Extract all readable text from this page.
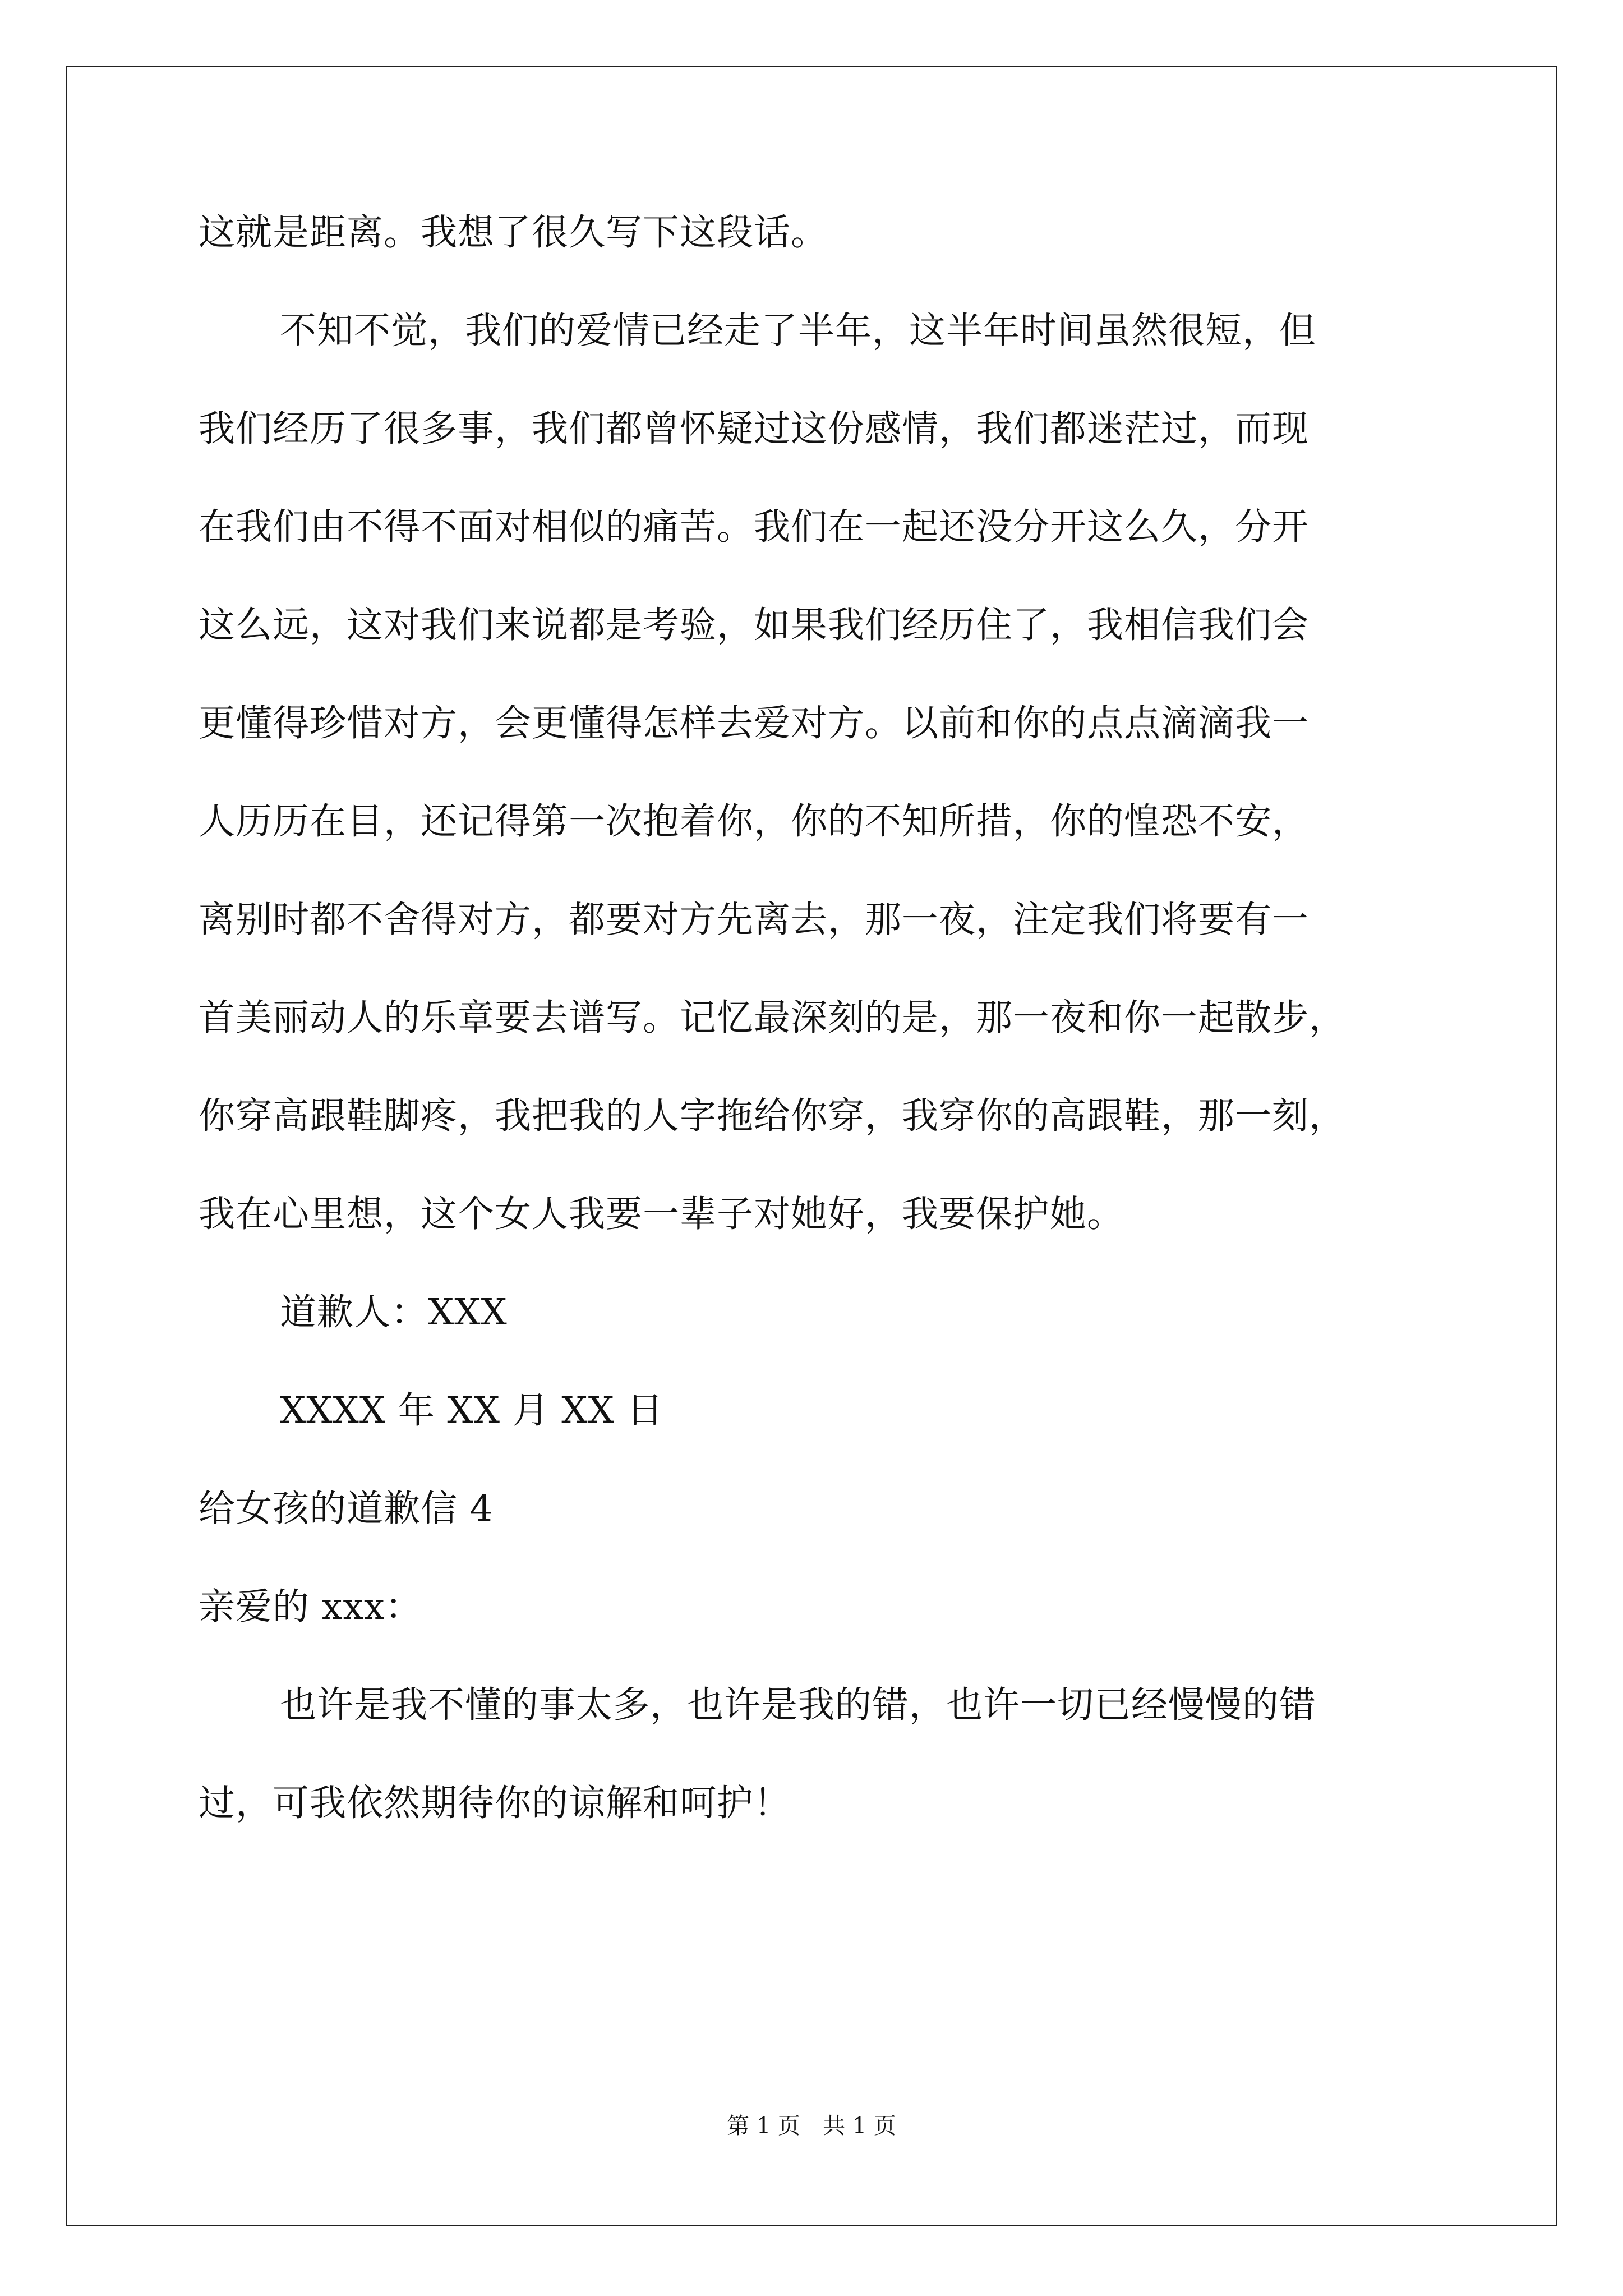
这就是距离。我想了很久写下这段话。
不知不觉，我们的爱情已经走了半年，这半年时间虽然很短，但
我们经历了很多事，我们都曾怀疑过这份感情，我们都迷茫过，而现
在我们由不得不面对相似的痛苦。我们在一起还没分开这么久，分开
这么远，这对我们来说都是考验，如果我们经历住了，我相信我们会
更懂得珍惜对方，会更懂得怎样去爱对方。以前和你的点点滴滴我一
人历历在目，还记得第一次抱着你，你的不知所措，你的惶恐不安，
离别时都不舍得对方，都要对方先离去，那一夜，注定我们将要有一
首美丽动人的乐章要去谱写。记忆最深刻的是，那一夜和你一起散步，
你穿高跟鞋脚疼，我把我的人字拖给你穿，我穿你的高跟鞋，那一刻，
我在心里想，这个女人我要一辈子对她好，我要保护她。
道歉人：XXX
XXXX 年 XX 月 XX 日
给女孩的道歉信 4
亲爱的 xxx：
也许是我不懂的事太多，也许是我的错，也许一切已经慢慢的错
过，可我依然期待你的谅解和呵护！
第 1 页　共 1 页
